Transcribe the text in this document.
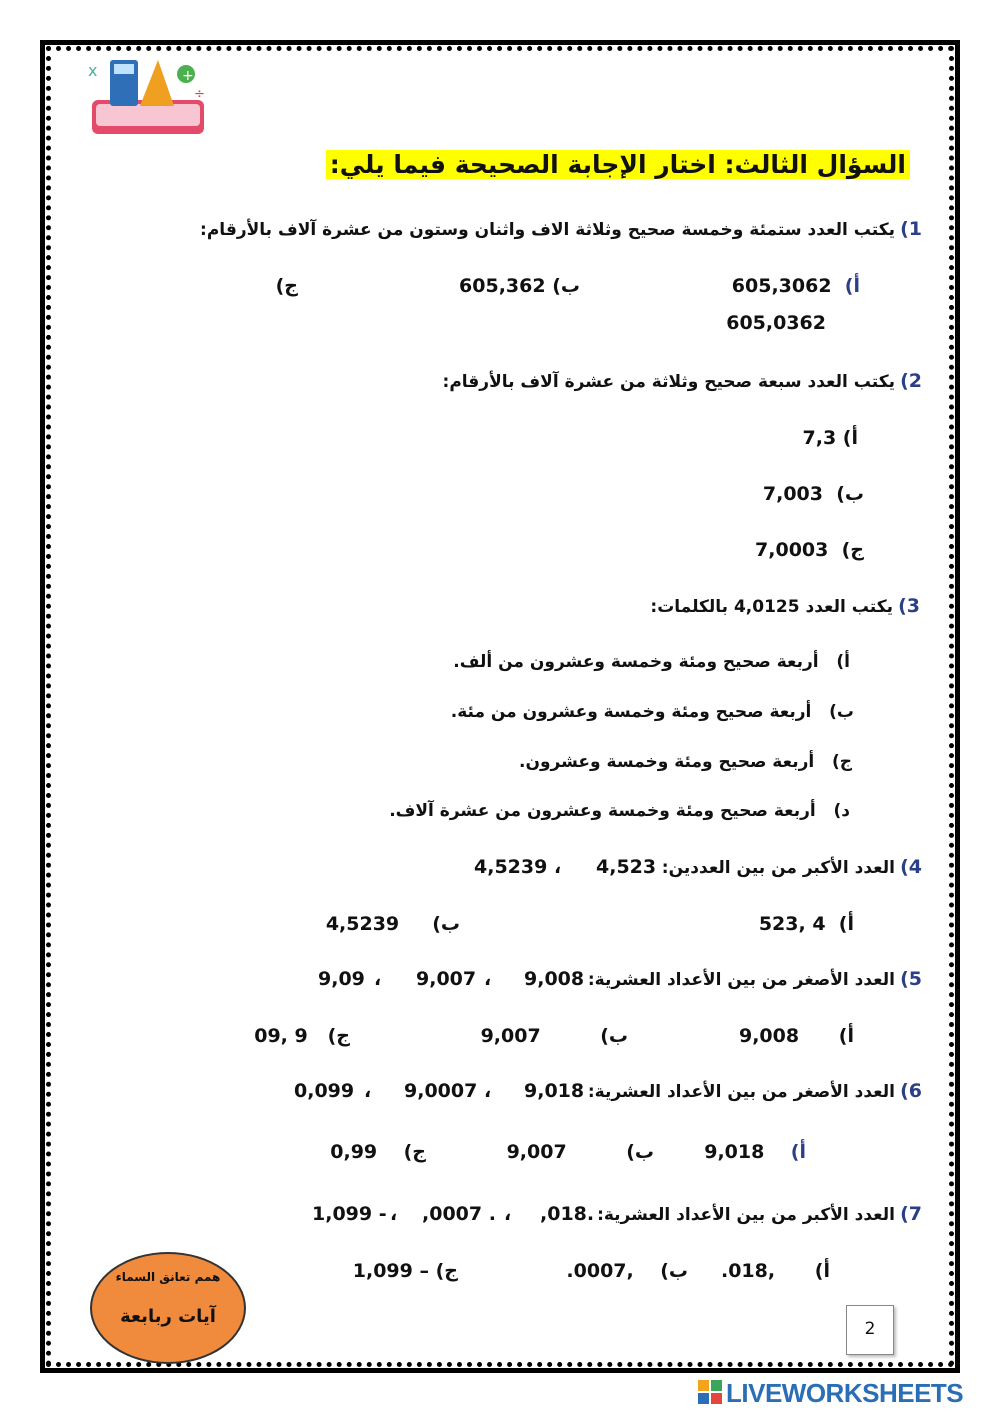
+
x
÷
السؤال الثالث: اختار الإجابة الصحيحة فيما يلي:
1) يكتب العدد ستمئة وخمسة صحيح وثلاثة الاف واثنان وستون من عشرة آلاف بالأرقام:
أ)  605,3062
ب) 605,362
ج)
605,0362
2) يكتب العدد سبعة صحيح وثلاثة من عشرة آلاف بالأرقام:
أ) 7,3
ب)  7,003
ج)  7,0003
3) يكتب العدد 4,0125 بالكلمات:
أ)   أربعة صحيح ومئة وخمسة وعشرون من ألف.
ب)   أربعة صحيح ومئة وخمسة وعشرون من مئة.
ج)   أربعة صحيح ومئة وخمسة وعشرون.
د)   أربعة صحيح ومئة وخمسة وعشرون من عشرة آلاف.
4) العدد الأكبر من بين العددين:
4,523
،
4,5239
أ)  4 ,523
ب)     4,5239
5) العدد الأصغر من بين الأعداد العشرية:
9,008
،
9,007
،
9,09
أ)      9,008
ب)         9,007
ج)   9 ,09
6) العدد الأصغر من بين الأعداد العشرية:
9,018
،
9,0007
،
0,099
أ)    9,018
ب)         9,007
ج)    0,99
7) العدد الأكبر من بين الأعداد العشرية:
,018.
،
,0007 .
،
1,099 -
أ)      ,018.
ب)    ,0007.
ج) – 1,099
همم تعانق السماء
آيات ربابعة
2
LIVEWORKSHEETS
